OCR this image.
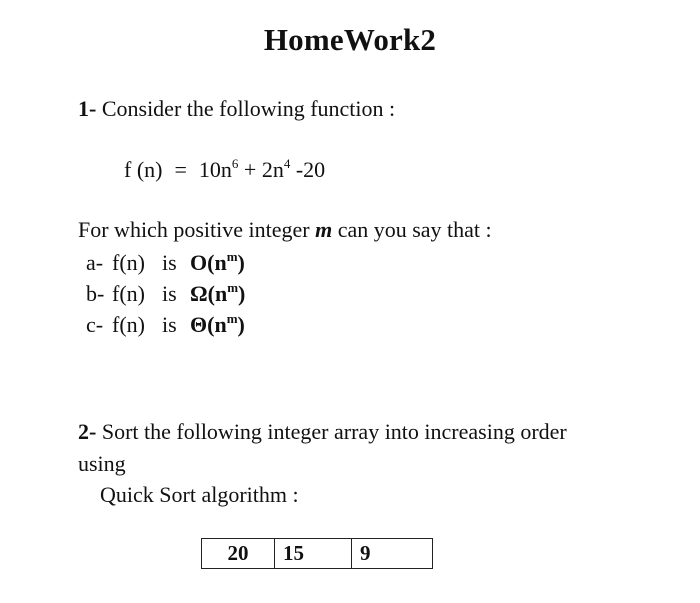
HomeWork2
1- Consider the following function :
f $(n) = 10n^6 + 2n^4$ -20
For which positive integer m can you say that :
a- f(n) is $O(n^m)$
b- f(n) is $\Omega(n^m)$
c- f(n) is $\Theta(n^m)$
2- Sort the following integer array into increasing order
using
Quick Sort algorithm :
20	15	9
